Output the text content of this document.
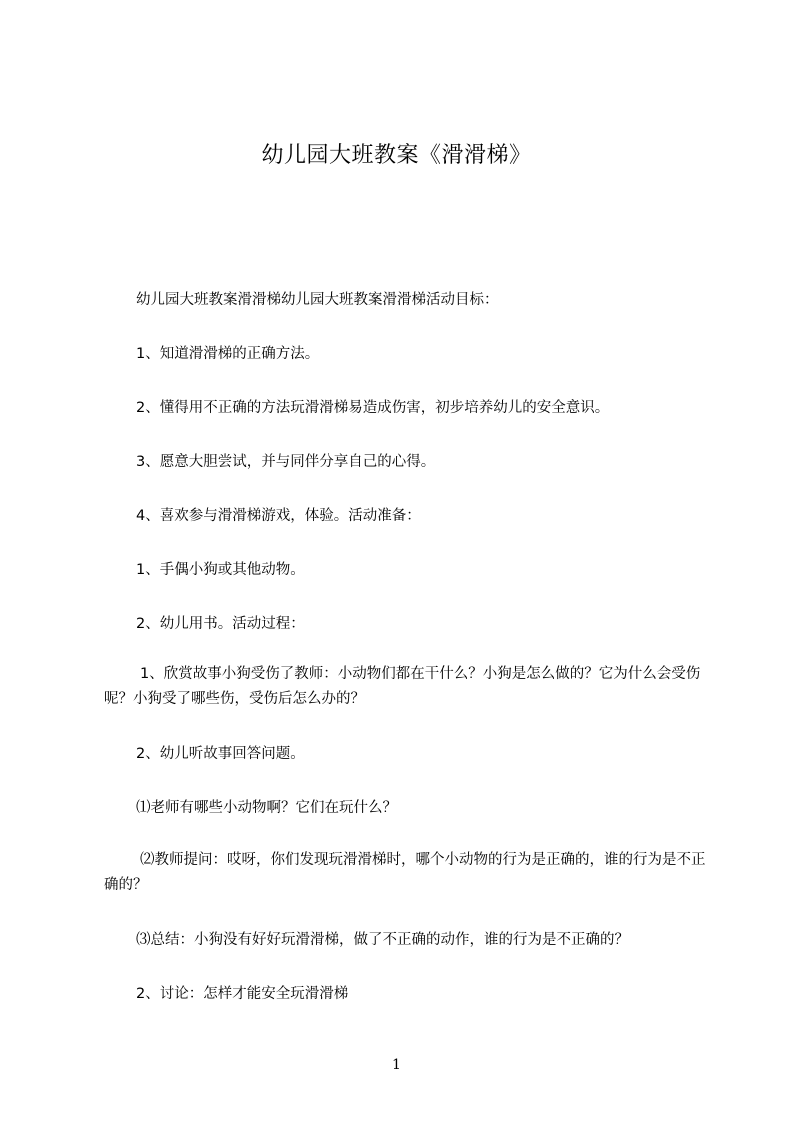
幼儿园大班教案《滑滑梯》
幼儿园大班教案滑滑梯幼儿园大班教案滑滑梯活动目标：
1、知道滑滑梯的正确方法。
2、懂得用不正确的方法玩滑滑梯易造成伤害，初步培养幼儿的安全意识。
3、愿意大胆尝试，并与同伴分享自己的心得。
4、喜欢参与滑滑梯游戏，体验。活动准备：
1、手偶小狗或其他动物。
2、幼儿用书。活动过程：
1、欣赏故事小狗受伤了教师：小动物们都在干什么？小狗是怎么做的？它为什么会受伤呢？小狗受了哪些伤，受伤后怎么办的？
2、幼儿听故事回答问题。
⑴老师有哪些小动物啊？它们在玩什么？
⑵教师提问：哎呀，你们发现玩滑滑梯时，哪个小动物的行为是正确的，谁的行为是不正确的？
⑶总结：小狗没有好好玩滑滑梯，做了不正确的动作，谁的行为是不正确的？
2、讨论：怎样才能安全玩滑滑梯
1
